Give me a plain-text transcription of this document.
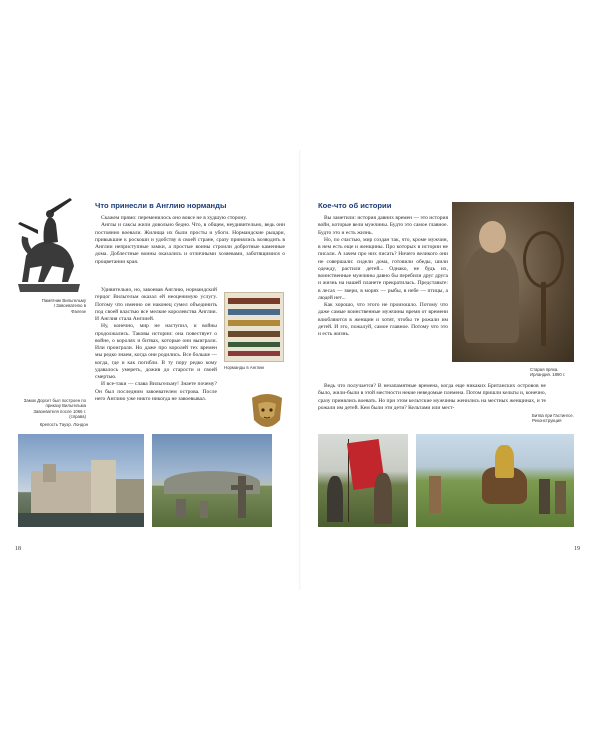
Памятник Вильгельму I Завоевателю в Фалезе
Что принесли в Англию норманды

Скажем прямо: переменилось оно вовсе не в худшую сторону.

Англы и саксы жили довольно бедно. Что, в общем, неудивительно, ведь они постоянно воевали. Жилища их были просты и убоги. Нормандские рыцари, привыкшие к роскоши и удобству в своей стране, сразу принялись возводить в Англии неприступные замки, а простые воины строили добротные каменные дома. Доблестные воины оказались и отличными хозяевами, заботящимися о процветании края.

Удивительно, но, завоевав Англию, нормандский герцог Вильгельм оказал ей неоценимую услугу. Потому что именно он наконец сумел объединить под своей властью все мелкие королевства Англии. И Англия стала Англией.

Ну, конечно, мир не наступил, и войны продолжались. Таковы истории: она повествует о войне, о королях и битвах, которые они выиграли. Или проиграли. Но даже про королей тех времен мы редко знаем, когда они родились. Все больше — когда, где и как погибли. В ту пору редко кому удавалось умереть, дожив до старости и своей смертью.

И все-таки — слава Вильгельму! Знаете почему? Он был последним завоевателем острова. После него Англию уже никто никогда не завоевывал.

Норманды в Англии
Замок Дорсет был построен по приказу Вильгельма Завоевателя после 1066 г. (справа)
Крепость Тауэр. Лондон
18
Кое-что об истории

Вы заметили: история давних времен — это история войн, которые вели мужчины. Будто это самое главное. Будто это и есть жизнь.

Но, по счастью, мир создан так, что, кроме мужчин, в нем есть еще и женщины. Про которых в истории не писали. А зачем про них писать? Ничего великого они не совершали: сидели дома, готовили обеды, шили одежду, растили детей... Однако, не будь их, воинственные мужчины давно бы перебили друг друга и жизнь на нашей планете прекратилась. Представьте: в лесах — звери, в морях — рыбы, в небе — птицы, а людей нет...

Как хорошо, что этого не произошло. Потому что даже самые воинственные мужчины время от времени влюбляются в женщин и хотят, чтобы те рожали им детей. И это, пожалуй, самое главное. Потому что это и есть жизнь.

Ведь что получается? В незапамятные времена, когда еще никаких Британских островов не было, жили-были в этой местности некие неведомые племена. Потом пришли кельты и, конечно, сразу принялись воевать. Но при этом кельтские мужчины женились на местных женщинах, и те рожали им детей. Кем были эти дети? Кельтами или мест-

Старая пряха. Ирландия. 1890 г.
Битва при Гастингсе. Реконструкция
19
